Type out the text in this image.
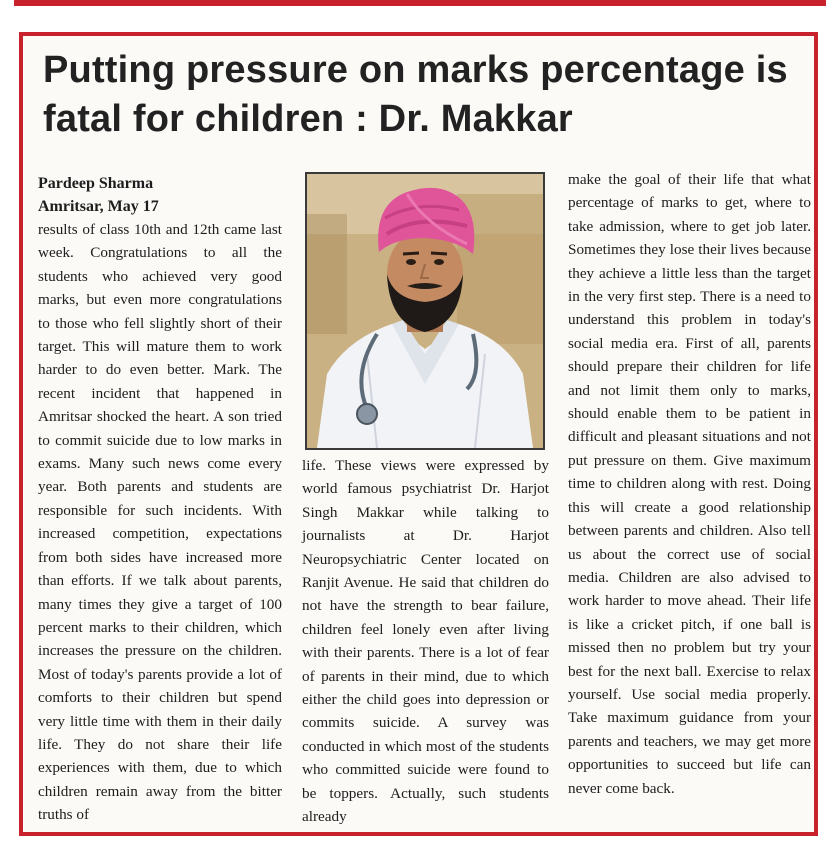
Putting pressure on marks percentage is fatal for children : Dr. Makkar
Pardeep Sharma
Amritsar, May 17
results of class 10th and 12th came last week. Congratulations to all the students who achieved very good marks, but even more congratulations to those who fell slightly short of their target. This will mature them to work harder to do even better. Mark. The recent incident that happened in Amritsar shocked the heart. A son tried to commit suicide due to low marks in exams. Many such news come every year. Both parents and students are responsible for such incidents. With increased competition, expectations from both sides have increased more than efforts. If we talk about parents, many times they give a target of 100 percent marks to their children, which increases the pressure on the children. Most of today's parents provide a lot of comforts to their children but spend very little time with them in their daily life. They do not share their life experiences with them, due to which children remain away from the bitter truths of
life. These views were expressed by world famous psychiatrist Dr. Harjot Singh Makkar while talking to journalists at Dr. Harjot Neuropsychiatric Center located on Ranjit Avenue. He said that children do not have the strength to bear failure, children feel lonely even after living with their parents. There is a lot of fear of parents in their mind, due to which either the child goes into depression or commits suicide. A survey was conducted in which most of the students who committed suicide were found to be toppers. Actually, such students already
make the goal of their life that what percentage of marks to get, where to take admission, where to get job later. Sometimes they lose their lives because they achieve a little less than the target in the very first step. There is a need to understand this problem in today's social media era. First of all, parents should prepare their children for life and not limit them only to marks, should enable them to be patient in difficult and pleasant situations and not put pressure on them. Give maximum time to children along with rest. Doing this will create a good relationship between parents and children. Also tell us about the correct use of social media. Children are also advised to work harder to move ahead. Their life is like a cricket pitch, if one ball is missed then no problem but try your best for the next ball. Exercise to relax yourself. Use social media properly. Take maximum guidance from your parents and teachers, we may get more opportunities to succeed but life can never come back.
